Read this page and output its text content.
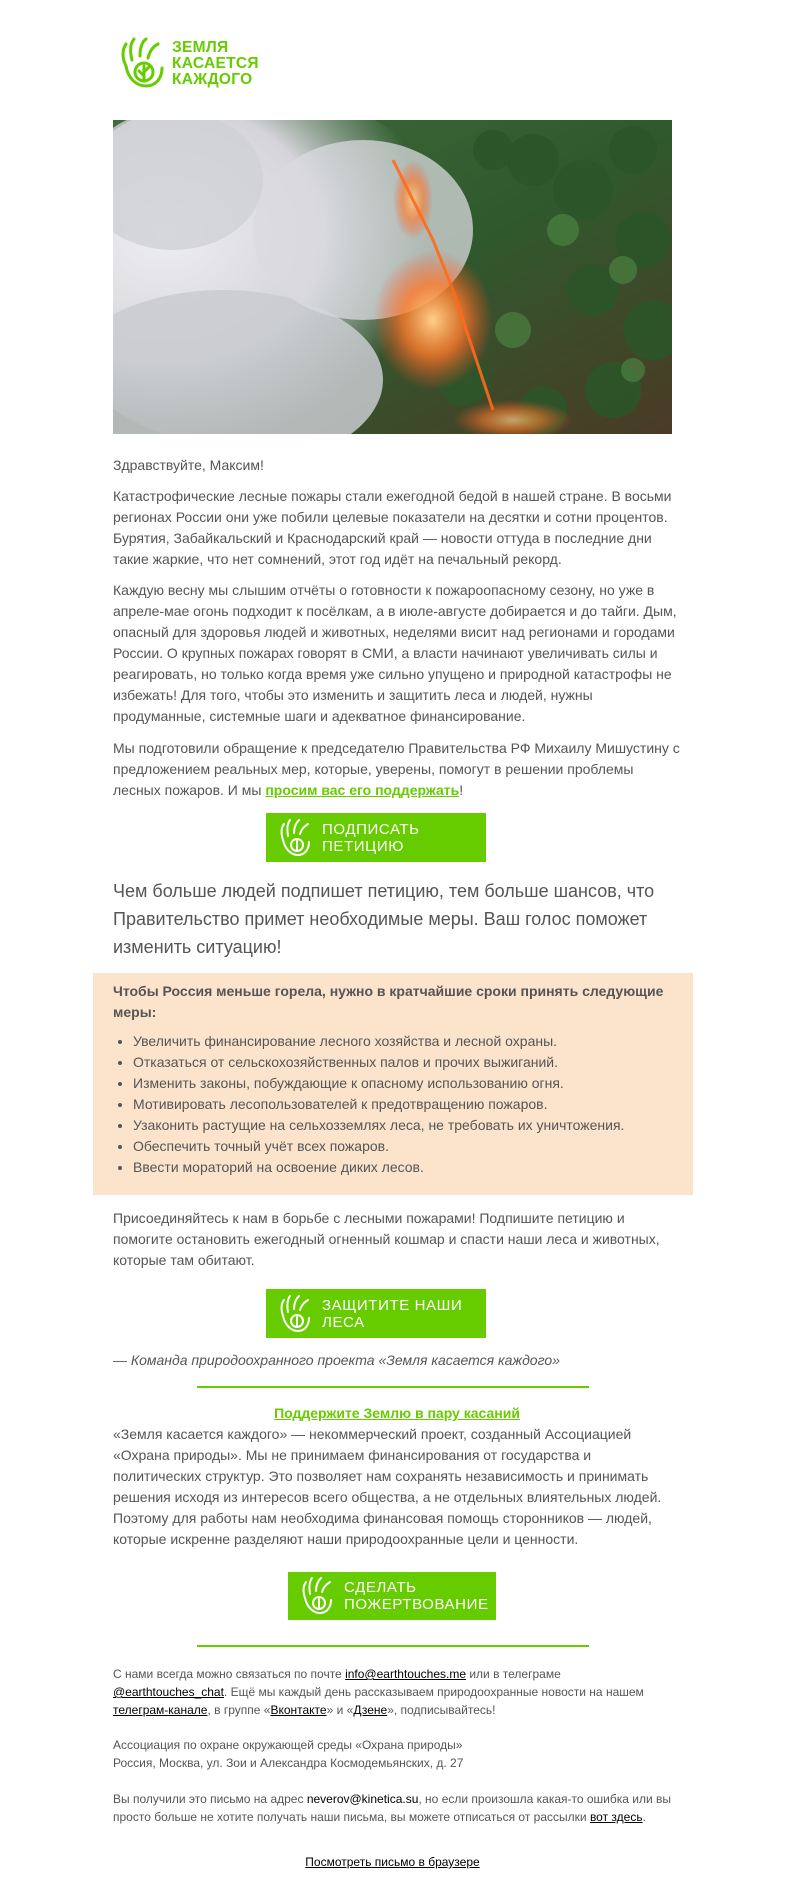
ЗЕМЛЯ
КАСАЕТСЯ
КАЖДОГО
Здравствуйте, Максим!

Катастрофические лесные пожары стали ежегодной бедой в нашей стране. В восьми регионах России они уже побили целевые показатели на десятки и сотни процентов. Бурятия, Забайкальский и Краснодарский край — новости оттуда в последние дни такие жаркие, что нет сомнений, этот год идёт на печальный рекорд.

Каждую весну мы слышим отчёты о готовности к пожароопасному сезону, но уже в апреле-мае огонь подходит к посёлкам, а в июле-августе добирается и до тайги. Дым, опасный для здоровья людей и животных, неделями висит над регионами и городами России. О крупных пожарах говорят в СМИ, а власти начинают увеличивать силы и реагировать, но только когда время уже сильно упущено и природной катастрофы не избежать! Для того, чтобы это изменить и защитить леса и людей, нужны продуманные, системные шаги и адекватное финансирование.

Мы подготовили обращение к председателю Правительства РФ Михаилу Мишустину с предложением реальных мер, которые, уверены, помогут в решении проблемы лесных пожаров. И мы просим вас его поддержать!

ПОДПИСАТЬ ПЕТИЦИЮ
Чем больше людей подпишет петицию, тем больше шансов, что Правительство примет необходимые меры. Ваш голос поможет изменить ситуацию!
Чтобы Россия меньше горела, нужно в кратчайшие сроки принять следующие меры:
• Увеличить финансирование лесного хозяйства и лесной охраны.
• Отказаться от сельскохозяйственных палов и прочих выжиганий.
• Изменить законы, побуждающие к опасному использованию огня.
• Мотивировать лесопользователей к предотвращению пожаров.
• Узаконить растущие на сельхозземлях леса, не требовать их уничтожения.
• Обеспечить точный учёт всех пожаров.
• Ввести мораторий на освоение диких лесов.
Присоединяйтесь к нам в борьбе с лесными пожарами! Подпишите петицию и помогите остановить ежегодный огненный кошмар и спасти наши леса и животных, которые там обитают.
ЗАЩИТИТЕ НАШИ ЛЕСА
— Команда природоохранного проекта «Земля касается каждого»
Поддержите Землю в пару касаний
«Земля касается каждого» — некоммерческий проект, созданный Ассоциацией «Охрана природы». Мы не принимаем финансирования от государства и политических структур. Это позволяет нам сохранять независимость и принимать решения исходя из интересов всего общества, а не отдельных влиятельных людей. Поэтому для работы нам необходима финансовая помощь сторонников — людей, которые искренне разделяют наши природоохранные цели и ценности.
СДЕЛАТЬ
ПОЖЕРТВОВАНИЕ

С нами всегда можно связаться по почте info@earthtouches.me или в телеграме @earthtouches_chat. Ещё мы каждый день рассказываем природоохранные новости на нашем телеграм-канале, в группе «Вконтакте» и «Дзене», подписывайтесь!

Ассоциация по охране окружающей среды «Охрана природы»

Россия, Москва, ул. Зои и Александра Космодемьянских, д. 27

Вы получили это письмо на адрес neverov@kinetica.su, но если произошла какая-то ошибка или вы просто больше не хотите получать наши письма, вы можете отписаться от рассылки вот здесь.

Посмотреть письмо в браузере
